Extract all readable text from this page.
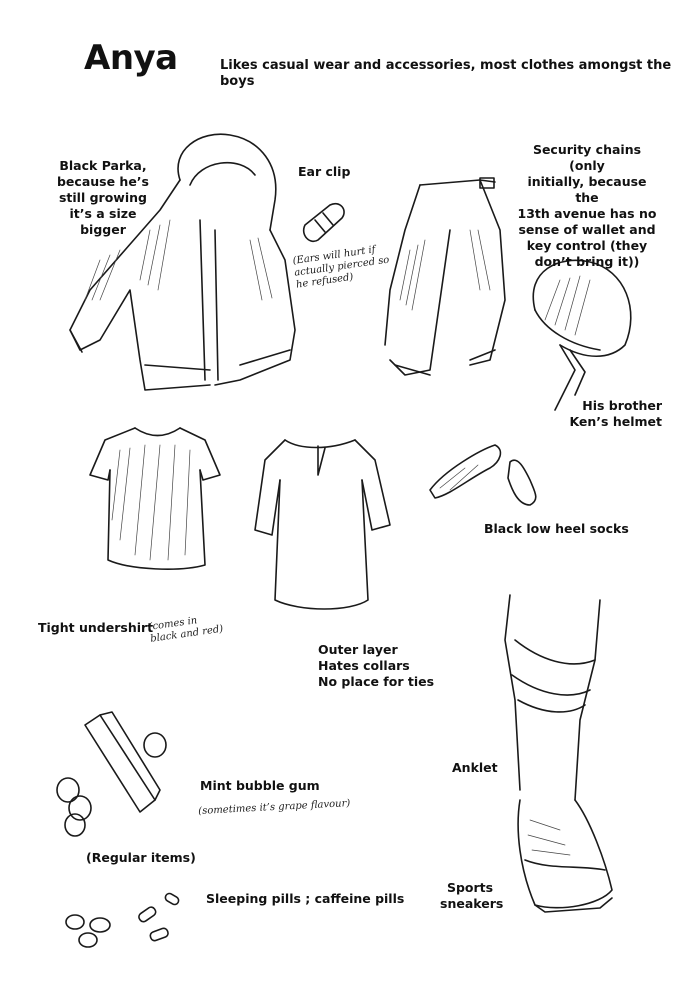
Anya	Likes casual wear and accessories, most clothes amongst the boys
Black Parka,
because he’s
still growing
it’s a size
bigger
Ear clip
(Ears will hurt if
actually pierced so
he refused)
Security chains (only
initially, because the
13th avenue has no
sense of wallet and
key control (they
don’t bring it))
His brother
Ken’s helmet
Black low heel socks
Tight undershirt
(comes in
black and red)
Outer layer
Hates collars
No place for ties
Mint bubble gum
(sometimes it’s grape flavour)
(Regular items)
Anklet
Sleeping pills ; caffeine pills
Sports
sneakers
